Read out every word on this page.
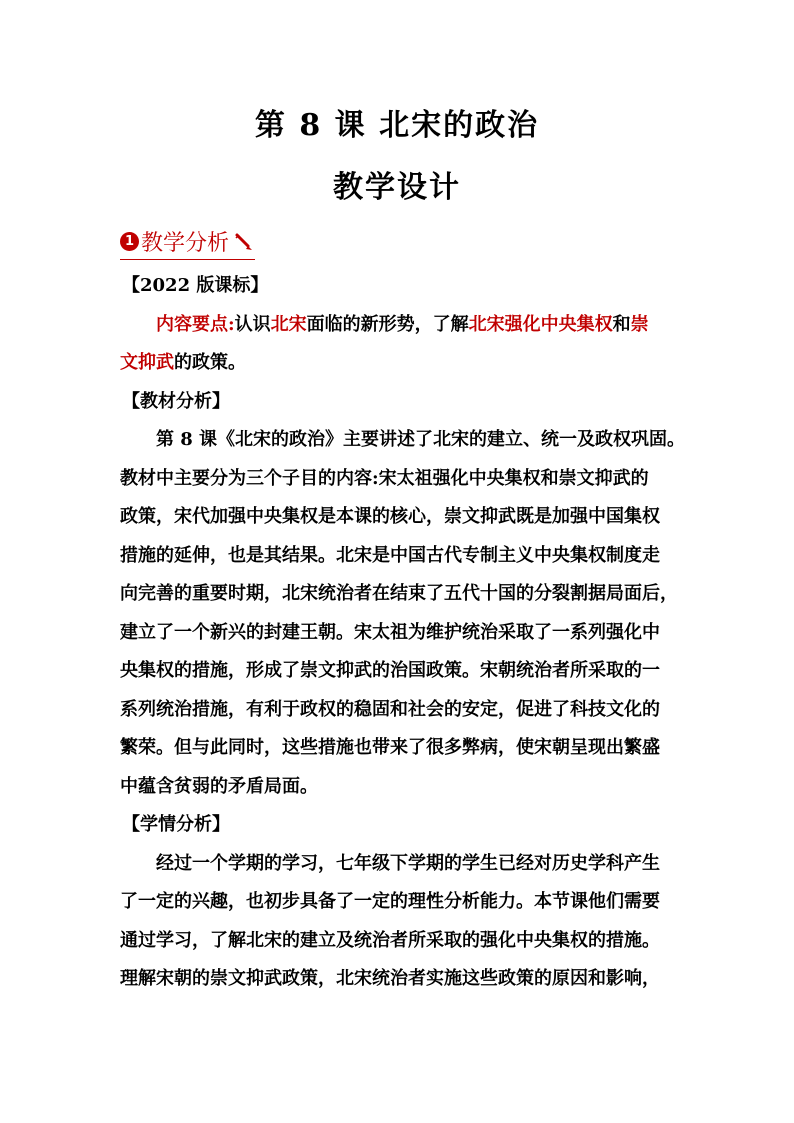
第 8 课 北宋的政治
教学设计
1 教学分析
【2022 版课标】
内容要点:认识北宋面临的新形势，了解北宋强化中央集权和崇
文抑武的政策。
【教材分析】
第 8 课《北宋的政治》主要讲述了北宋的建立、统一及政权巩固。
教材中主要分为三个子目的内容:宋太祖强化中央集权和崇文抑武的
政策，宋代加强中央集权是本课的核心，崇文抑武既是加强中国集权
措施的延伸，也是其结果。北宋是中国古代专制主义中央集权制度走
向完善的重要时期，北宋统治者在结束了五代十国的分裂割据局面后，
建立了一个新兴的封建王朝。宋太祖为维护统治采取了一系列强化中
央集权的措施，形成了崇文抑武的治国政策。宋朝统治者所采取的一
系列统治措施，有利于政权的稳固和社会的安定，促进了科技文化的
繁荣。但与此同时，这些措施也带来了很多弊病，使宋朝呈现出繁盛
中蕴含贫弱的矛盾局面。
【学情分析】
经过一个学期的学习，七年级下学期的学生已经对历史学科产生
了一定的兴趣，也初步具备了一定的理性分析能力。本节课他们需要
通过学习，了解北宋的建立及统治者所采取的强化中央集权的措施。
理解宋朝的崇文抑武政策，北宋统治者实施这些政策的原因和影响，
